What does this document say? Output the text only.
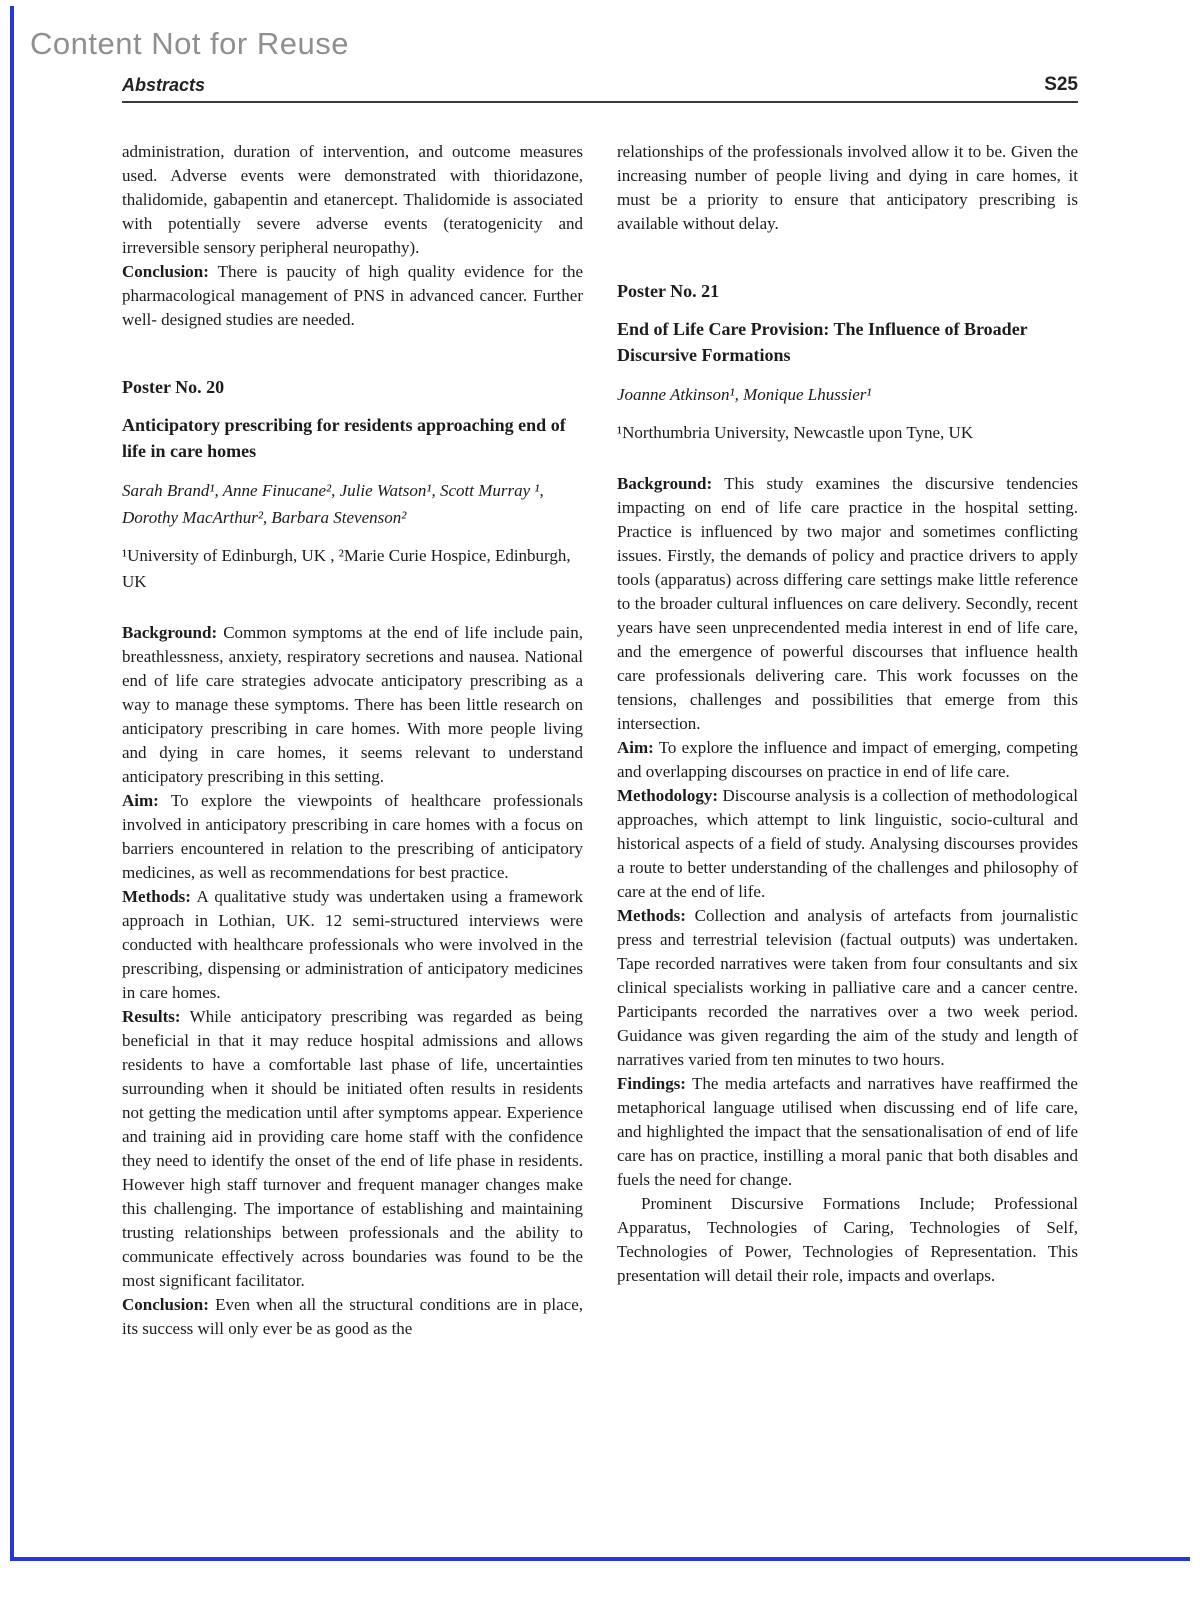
Content Not for Reuse
Abstracts	S25

administration, duration of intervention, and outcome measures used. Adverse events were demonstrated with thioridazone, thalidomide, gabapentin and etanercept. Thalidomide is associated with potentially severe adverse events (teratogenicity and irreversible sensory peripheral neuropathy).

Conclusion: There is paucity of high quality evidence for the pharmacological management of PNS in advanced cancer. Further well- designed studies are needed.

Poster No. 20
Anticipatory prescribing for residents approaching end of life in care homes

Sarah Brand¹, Anne Finucane², Julie Watson¹, Scott Murray ¹, Dorothy MacArthur², Barbara Stevenson²

¹University of Edinburgh, UK , ²Marie Curie Hospice, Edinburgh, UK

Background: Common symptoms at the end of life include pain, breathlessness, anxiety, respiratory secretions and nausea. National end of life care strategies advocate anticipatory prescribing as a way to manage these symptoms. There has been little research on anticipatory prescribing in care homes. With more people living and dying in care homes, it seems relevant to understand anticipatory prescribing in this setting.

Aim: To explore the viewpoints of healthcare professionals involved in anticipatory prescribing in care homes with a focus on barriers encountered in relation to the prescribing of anticipatory medicines, as well as recommendations for best practice.

Methods: A qualitative study was undertaken using a framework approach in Lothian, UK. 12 semi-structured interviews were conducted with healthcare professionals who were involved in the prescribing, dispensing or administration of anticipatory medicines in care homes.

Results: While anticipatory prescribing was regarded as being beneficial in that it may reduce hospital admissions and allows residents to have a comfortable last phase of life, uncertainties surrounding when it should be initiated often results in residents not getting the medication until after symptoms appear. Experience and training aid in providing care home staff with the confidence they need to identify the onset of the end of life phase in residents. However high staff turnover and frequent manager changes make this challenging. The importance of establishing and maintaining trusting relationships between professionals and the ability to communicate effectively across boundaries was found to be the most significant facilitator.

Conclusion: Even when all the structural conditions are in place, its success will only ever be as good as the

relationships of the professionals involved allow it to be. Given the increasing number of people living and dying in care homes, it must be a priority to ensure that anticipatory prescribing is available without delay.

Poster No. 21
End of Life Care Provision: The Influence of Broader Discursive Formations

Joanne Atkinson¹, Monique Lhussier¹

¹Northumbria University, Newcastle upon Tyne, UK

Background: This study examines the discursive tendencies impacting on end of life care practice in the hospital setting. Practice is influenced by two major and sometimes conflicting issues. Firstly, the demands of policy and practice drivers to apply tools (apparatus) across differing care settings make little reference to the broader cultural influences on care delivery. Secondly, recent years have seen unprecendented media interest in end of life care, and the emergence of powerful discourses that influence health care professionals delivering care. This work focusses on the tensions, challenges and possibilities that emerge from this intersection.

Aim: To explore the influence and impact of emerging, competing and overlapping discourses on practice in end of life care.

Methodology: Discourse analysis is a collection of methodological approaches, which attempt to link linguistic, socio-cultural and historical aspects of a field of study. Analysing discourses provides a route to better understanding of the challenges and philosophy of care at the end of life.

Methods: Collection and analysis of artefacts from journalistic press and terrestrial television (factual outputs) was undertaken. Tape recorded narratives were taken from four consultants and six clinical specialists working in palliative care and a cancer centre. Participants recorded the narratives over a two week period. Guidance was given regarding the aim of the study and length of narratives varied from ten minutes to two hours.

Findings: The media artefacts and narratives have reaffirmed the metaphorical language utilised when discussing end of life care, and highlighted the impact that the sensationalisation of end of life care has on practice, instilling a moral panic that both disables and fuels the need for change.

Prominent Discursive Formations Include; Professional Apparatus, Technologies of Caring, Technologies of Self, Technologies of Power, Technologies of Representation. This presentation will detail their role, impacts and overlaps.
